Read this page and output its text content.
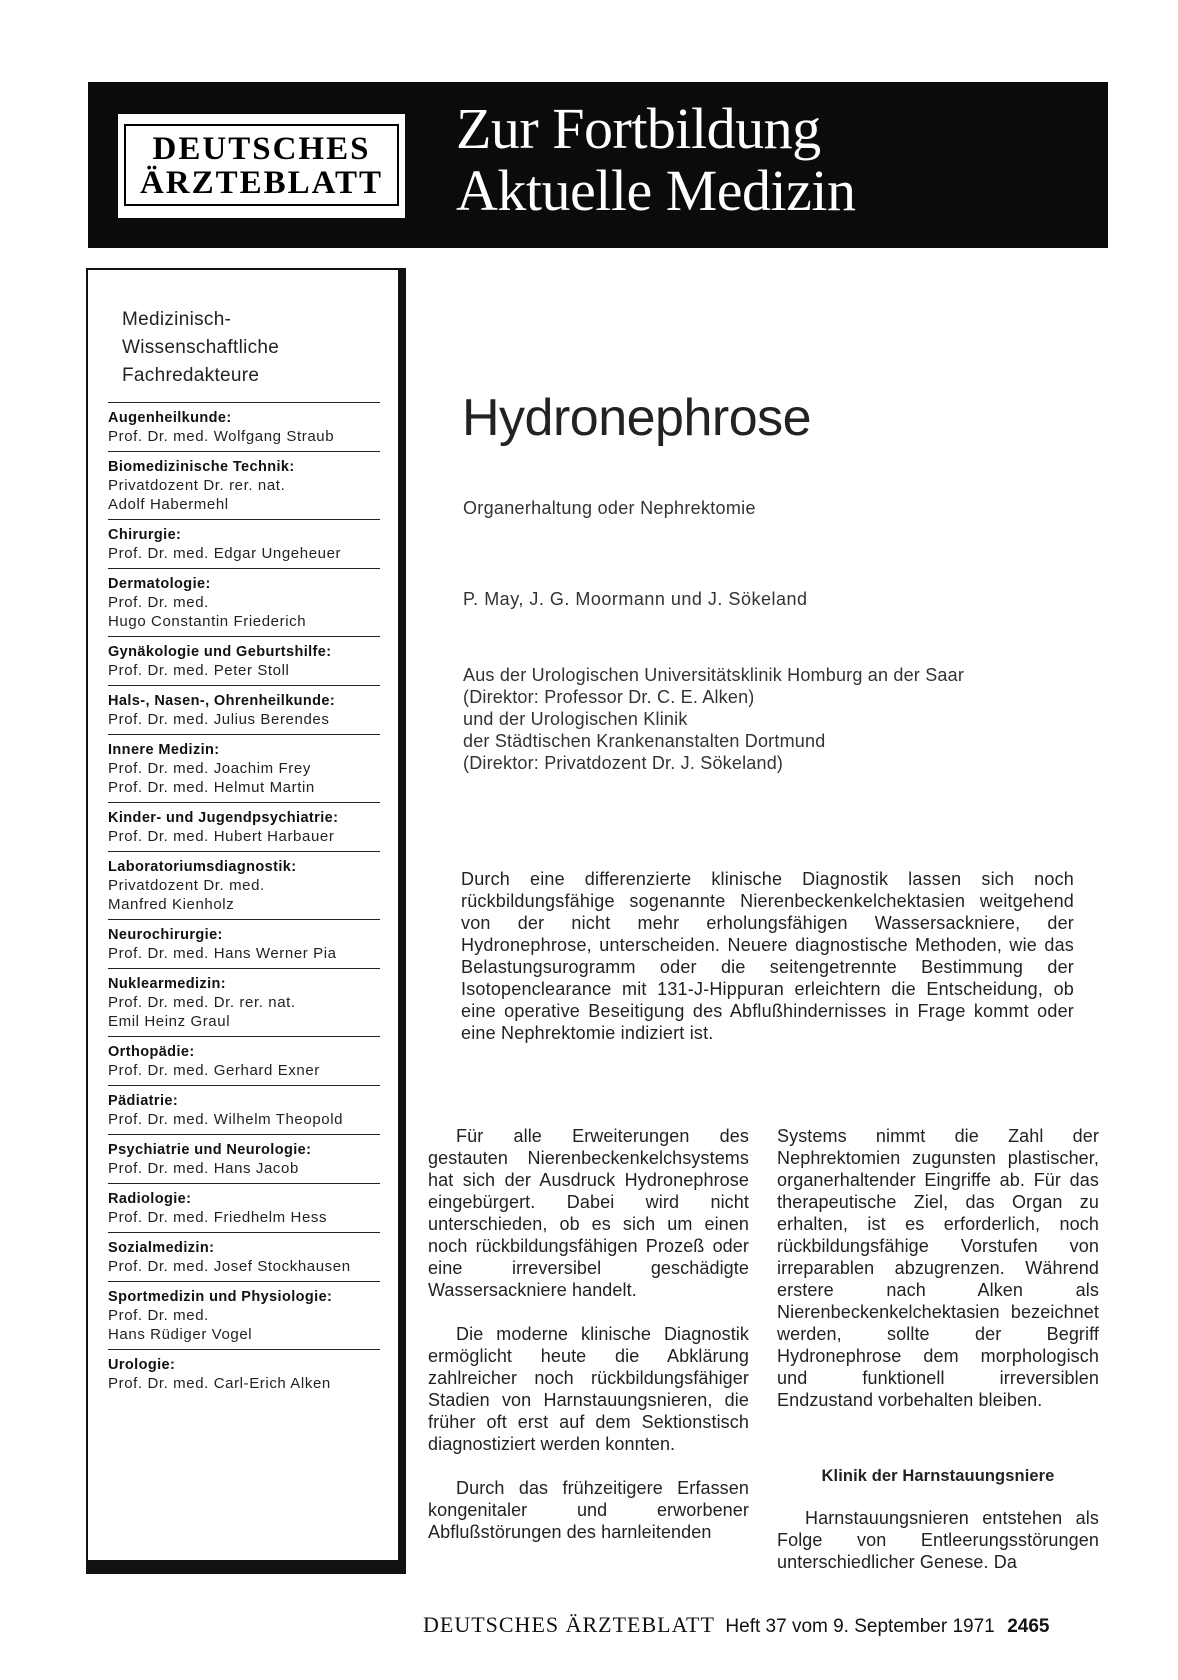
DEUTSCHES
ÄRZTEBLATT
Zur Fortbildung
Aktuelle Medizin
Medizinisch-
Wissenschaftliche
Fachredakteure
Augenheilkunde:
Prof. Dr. med. Wolfgang Straub
Biomedizinische Technik:
Privatdozent Dr. rer. nat.
Adolf Habermehl
Chirurgie:
Prof. Dr. med. Edgar Ungeheuer
Dermatologie:
Prof. Dr. med.
Hugo Constantin Friederich
Gynäkologie und Geburtshilfe:
Prof. Dr. med. Peter Stoll
Hals-, Nasen-, Ohrenheilkunde:
Prof. Dr. med. Julius Berendes
Innere Medizin:
Prof. Dr. med. Joachim Frey
Prof. Dr. med. Helmut Martin
Kinder- und Jugendpsychiatrie:
Prof. Dr. med. Hubert Harbauer
Laboratoriumsdiagnostik:
Privatdozent Dr. med.
Manfred Kienholz
Neurochirurgie:
Prof. Dr. med. Hans Werner Pia
Nuklearmedizin:
Prof. Dr. med. Dr. rer. nat.
Emil Heinz Graul
Orthopädie:
Prof. Dr. med. Gerhard Exner
Pädiatrie:
Prof. Dr. med. Wilhelm Theopold
Psychiatrie und Neurologie:
Prof. Dr. med. Hans Jacob
Radiologie:
Prof. Dr. med. Friedhelm Hess
Sozialmedizin:
Prof. Dr. med. Josef Stockhausen
Sportmedizin und Physiologie:
Prof. Dr. med.
Hans Rüdiger Vogel
Urologie:
Prof. Dr. med. Carl-Erich Alken
Hydronephrose
Organerhaltung oder Nephrektomie
P. May, J. G. Moormann und J. Sökeland
Aus der Urologischen Universitätsklinik Homburg an der Saar
(Direktor: Professor Dr. C. E. Alken)
und der Urologischen Klinik
der Städtischen Krankenanstalten Dortmund
(Direktor: Privatdozent Dr. J. Sökeland)
Durch eine differenzierte klinische Diagnostik lassen sich noch rückbildungsfähige sogenannte Nierenbeckenkelchektasien weitgehend von der nicht mehr erholungsfähigen Wassersackniere, der Hydronephrose, unterscheiden. Neuere diagnostische Methoden, wie das Belastungsurogramm oder die seitengetrennte Bestimmung der Isotopenclearance mit 131-J-Hippuran erleichtern die Entscheidung, ob eine operative Beseitigung des Abflußhindernisses in Frage kommt oder eine Nephrektomie indiziert ist.

Für alle Erweiterungen des gestauten Nierenbeckenkelchsystems hat sich der Ausdruck Hydronephrose eingebürgert. Dabei wird nicht unterschieden, ob es sich um einen noch rückbildungsfähigen Prozeß oder eine irreversibel geschädigte Wassersackniere handelt.

Die moderne klinische Diagnostik ermöglicht heute die Abklärung zahlreicher noch rückbildungsfähiger Stadien von Harnstauungsnieren, die früher oft erst auf dem Sektionstisch diagnostiziert werden konnten.

Durch das frühzeitigere Erfassen kongenitaler und erworbener Abflußstörungen des harnleitenden

Systems nimmt die Zahl der Nephrektomien zugunsten plastischer, organerhaltender Eingriffe ab. Für das therapeutische Ziel, das Organ zu erhalten, ist es erforderlich, noch rückbildungsfähige Vorstufen von irreparablen abzugrenzen. Während erstere nach Alken als Nierenbeckenkelchektasien bezeichnet werden, sollte der Begriff Hydronephrose dem morphologisch und funktionell irreversiblen Endzustand vorbehalten bleiben.

Klinik der Harnstauungsniere

Harnstauungsnieren entstehen als Folge von Entleerungsstörungen unterschiedlicher Genese. Da

DEUTSCHES ÄRZTEBLATT Heft 37 vom 9. September 1971 2465
